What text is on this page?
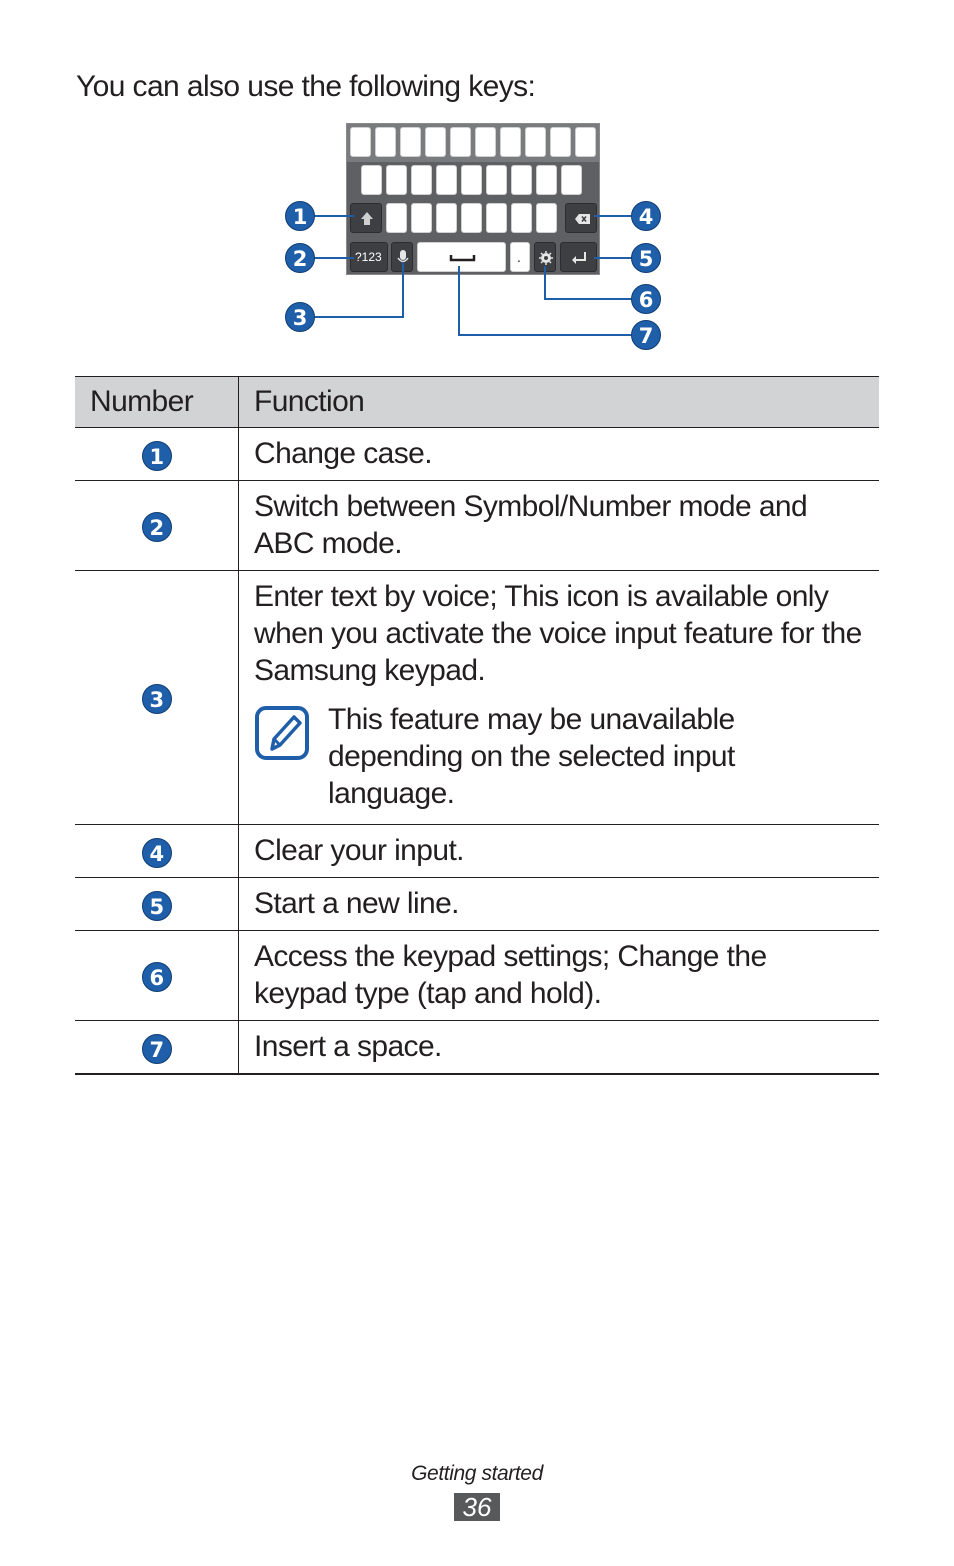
You can also use the following keys:
?123	.
1
2
3
4
5
6
7
Number	Function
1	Change case.
2	Switch between Symbol/Number mode and ABC mode.
3	Enter text by voice; This icon is available only when you activate the voice input feature for the Samsung keypad.
This feature may be unavailable depending on the selected input language.

4	Clear your input.
5	Start a new line.
6	Access the keypad settings; Change the keypad type (tap and hold).
7	Insert a space.
Getting started
36
